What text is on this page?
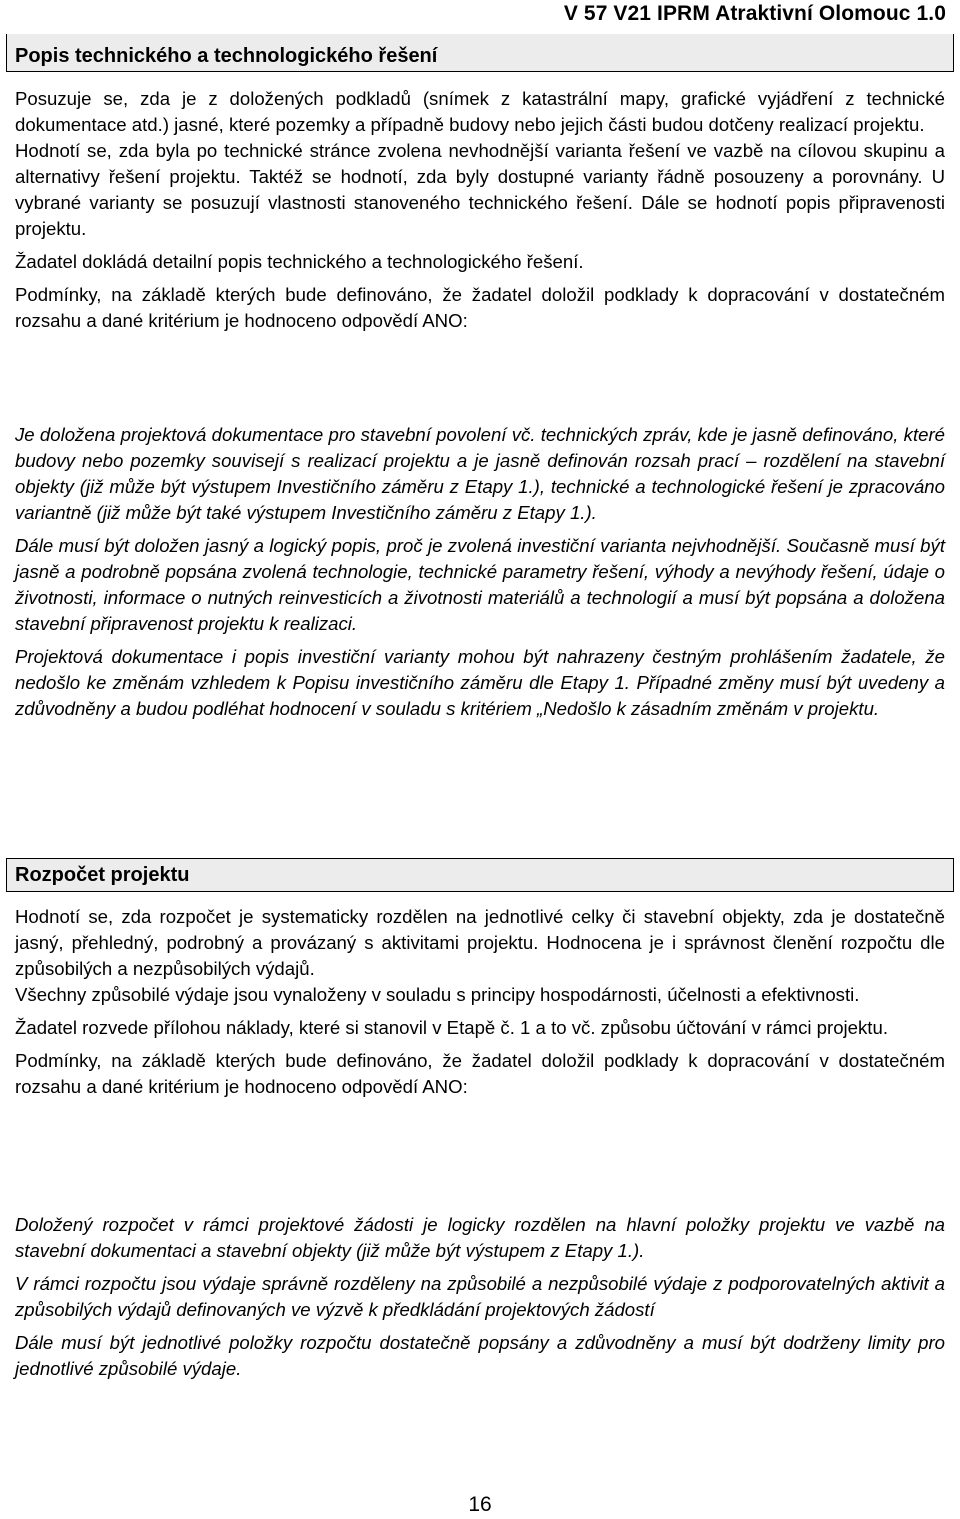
V 57 V21 IPRM Atraktivní Olomouc 1.0
Popis technického a technologického řešení

Posuzuje se, zda je z doložených podkladů (snímek z katastrální mapy, grafické vyjádření z technické dokumentace atd.) jasné, které pozemky a případně budovy nebo jejich části budou dotčeny realizací projektu.

Hodnotí se, zda byla po technické stránce zvolena nevhodnější varianta řešení ve vazbě na cílovou skupinu a alternativy řešení projektu. Taktéž se hodnotí, zda byly dostupné varianty řádně posouzeny a porovnány. U vybrané varianty se posuzují vlastnosti stanoveného technického řešení. Dále se hodnotí popis připravenosti projektu.

Žadatel dokládá detailní popis technického a technologického řešení.

Podmínky, na základě kterých bude definováno, že žadatel doložil podklady k dopracování v dostatečném rozsahu a dané kritérium je hodnoceno odpovědí ANO:

Je doložena projektová dokumentace pro stavební povolení vč. technických zpráv, kde je jasně definováno, které budovy nebo pozemky souvisejí s realizací projektu a je jasně definován rozsah prací – rozdělení na stavební objekty (již může být výstupem Investičního záměru z Etapy 1.), technické a technologické řešení je zpracováno variantně (již může být také výstupem Investičního záměru z Etapy 1.).

Dále musí být doložen jasný a logický popis, proč je zvolená investiční varianta nejvhodnější. Současně musí být jasně a podrobně popsána zvolená technologie, technické parametry řešení, výhody a nevýhody řešení, údaje o životnosti, informace o nutných reinvesticích a životnosti materiálů a technologií a musí být popsána a doložena stavební připravenost projektu k realizaci.

Projektová dokumentace i popis investiční varianty mohou být nahrazeny čestným prohlášením žadatele, že nedošlo ke změnám vzhledem k Popisu investičního záměru dle Etapy 1. Případné změny musí být uvedeny a zdůvodněny a budou podléhat hodnocení v souladu s kritériem „Nedošlo k zásadním změnám v projektu.

Rozpočet projektu

Hodnotí se, zda rozpočet je systematicky rozdělen na jednotlivé celky či stavební objekty, zda je dostatečně jasný, přehledný, podrobný a provázaný s aktivitami projektu. Hodnocena je i správnost členění rozpočtu dle způsobilých a nezpůsobilých výdajů.

Všechny způsobilé výdaje jsou vynaloženy v souladu s principy hospodárnosti, účelnosti a efektivnosti.

Žadatel rozvede přílohou náklady, které si stanovil v Etapě č. 1 a to vč. způsobu účtování v rámci projektu.

Podmínky, na základě kterých bude definováno, že žadatel doložil podklady k dopracování v dostatečném rozsahu a dané kritérium je hodnoceno odpovědí ANO:

Doložený rozpočet v rámci projektové žádosti je logicky rozdělen na hlavní položky projektu ve vazbě na stavební dokumentaci a stavební objekty (již může být výstupem z Etapy 1.).

V rámci rozpočtu jsou výdaje správně rozděleny na způsobilé a nezpůsobilé výdaje z podporovatelných aktivit a způsobilých výdajů definovaných ve výzvě k předkládání projektových žádostí

Dále musí být jednotlivé položky rozpočtu dostatečně popsány a zdůvodněny a musí být dodrženy limity pro jednotlivé způsobilé výdaje.

16
